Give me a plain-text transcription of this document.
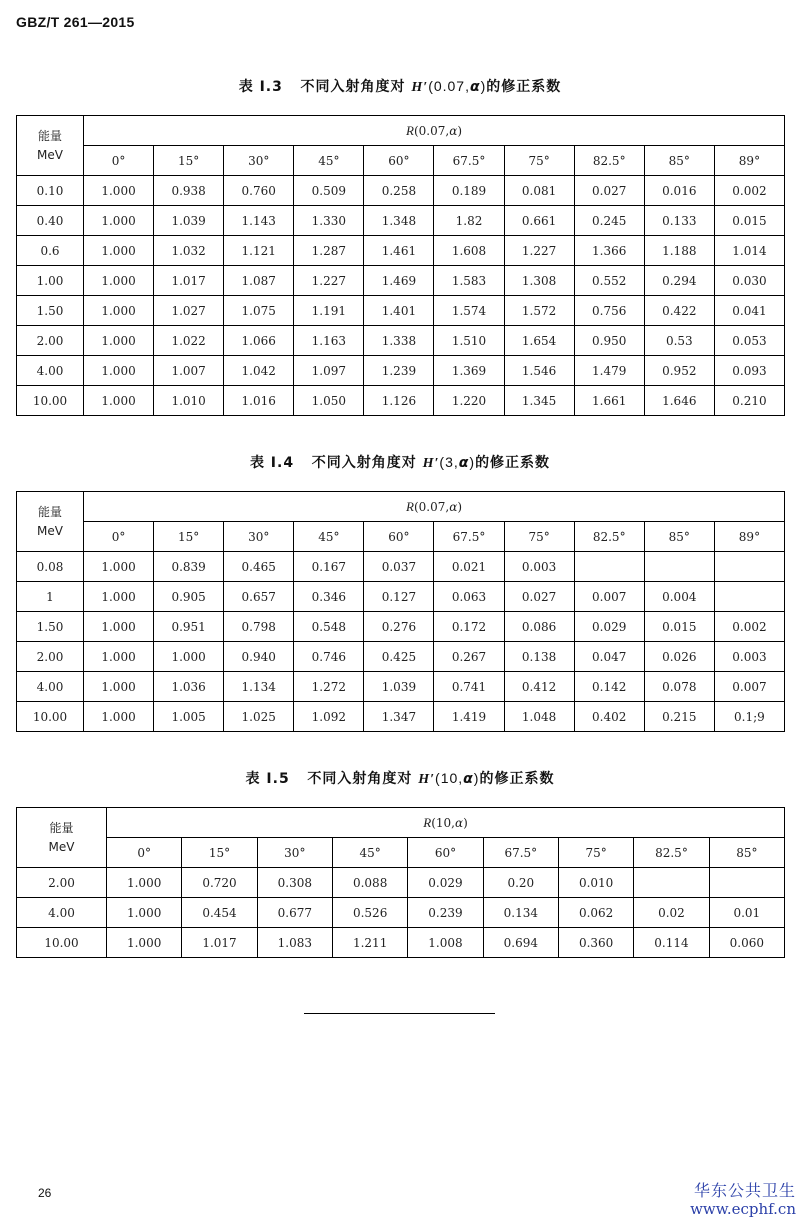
GBZ/T 261—2015
表 I.3 不同入射角度对 H′(0.07,α)的修正系数
能量
MeV	R(0.07,α)									
	0°	15°	30°	45°	60°	67.5°	75°	82.5°	85°	89°
0.10	1.000	0.938	0.760	0.509	0.258	0.189	0.081	0.027	0.016	0.002
0.40	1.000	1.039	1.143	1.330	1.348	1.82	0.661	0.245	0.133	0.015
0.6	1.000	1.032	1.121	1.287	1.461	1.608	1.227	1.366	1.188	1.014
1.00	1.000	1.017	1.087	1.227	1.469	1.583	1.308	0.552	0.294	0.030
1.50	1.000	1.027	1.075	1.191	1.401	1.574	1.572	0.756	0.422	0.041
2.00	1.000	1.022	1.066	1.163	1.338	1.510	1.654	0.950	0.53	0.053
4.00	1.000	1.007	1.042	1.097	1.239	1.369	1.546	1.479	0.952	0.093
10.00	1.000	1.010	1.016	1.050	1.126	1.220	1.345	1.661	1.646	0.210
表 I.4 不同入射角度对 H′(3,α)的修正系数
能量
MeV	R(0.07,α)									
	0°	15°	30°	45°	60°	67.5°	75°	82.5°	85°	89°
0.08	1.000	0.839	0.465	0.167	0.037	0.021	0.003			
1	1.000	0.905	0.657	0.346	0.127	0.063	0.027	0.007	0.004	
1.50	1.000	0.951	0.798	0.548	0.276	0.172	0.086	0.029	0.015	0.002
2.00	1.000	1.000	0.940	0.746	0.425	0.267	0.138	0.047	0.026	0.003
4.00	1.000	1.036	1.134	1.272	1.039	0.741	0.412	0.142	0.078	0.007
10.00	1.000	1.005	1.025	1.092	1.347	1.419	1.048	0.402	0.215	0.1;9
表 I.5 不同入射角度对 H′(10,α)的修正系数
能量
MeV	R(10,α)								
	0°	15°	30°	45°	60°	67.5°	75°	82.5°	85°
2.00	1.000	0.720	0.308	0.088	0.029	0.20	0.010		
4.00	1.000	0.454	0.677	0.526	0.239	0.134	0.062	0.02	0.01
10.00	1.000	1.017	1.083	1.211	1.008	0.694	0.360	0.114	0.060
26	华东公共卫生
www.ecphf.cn
